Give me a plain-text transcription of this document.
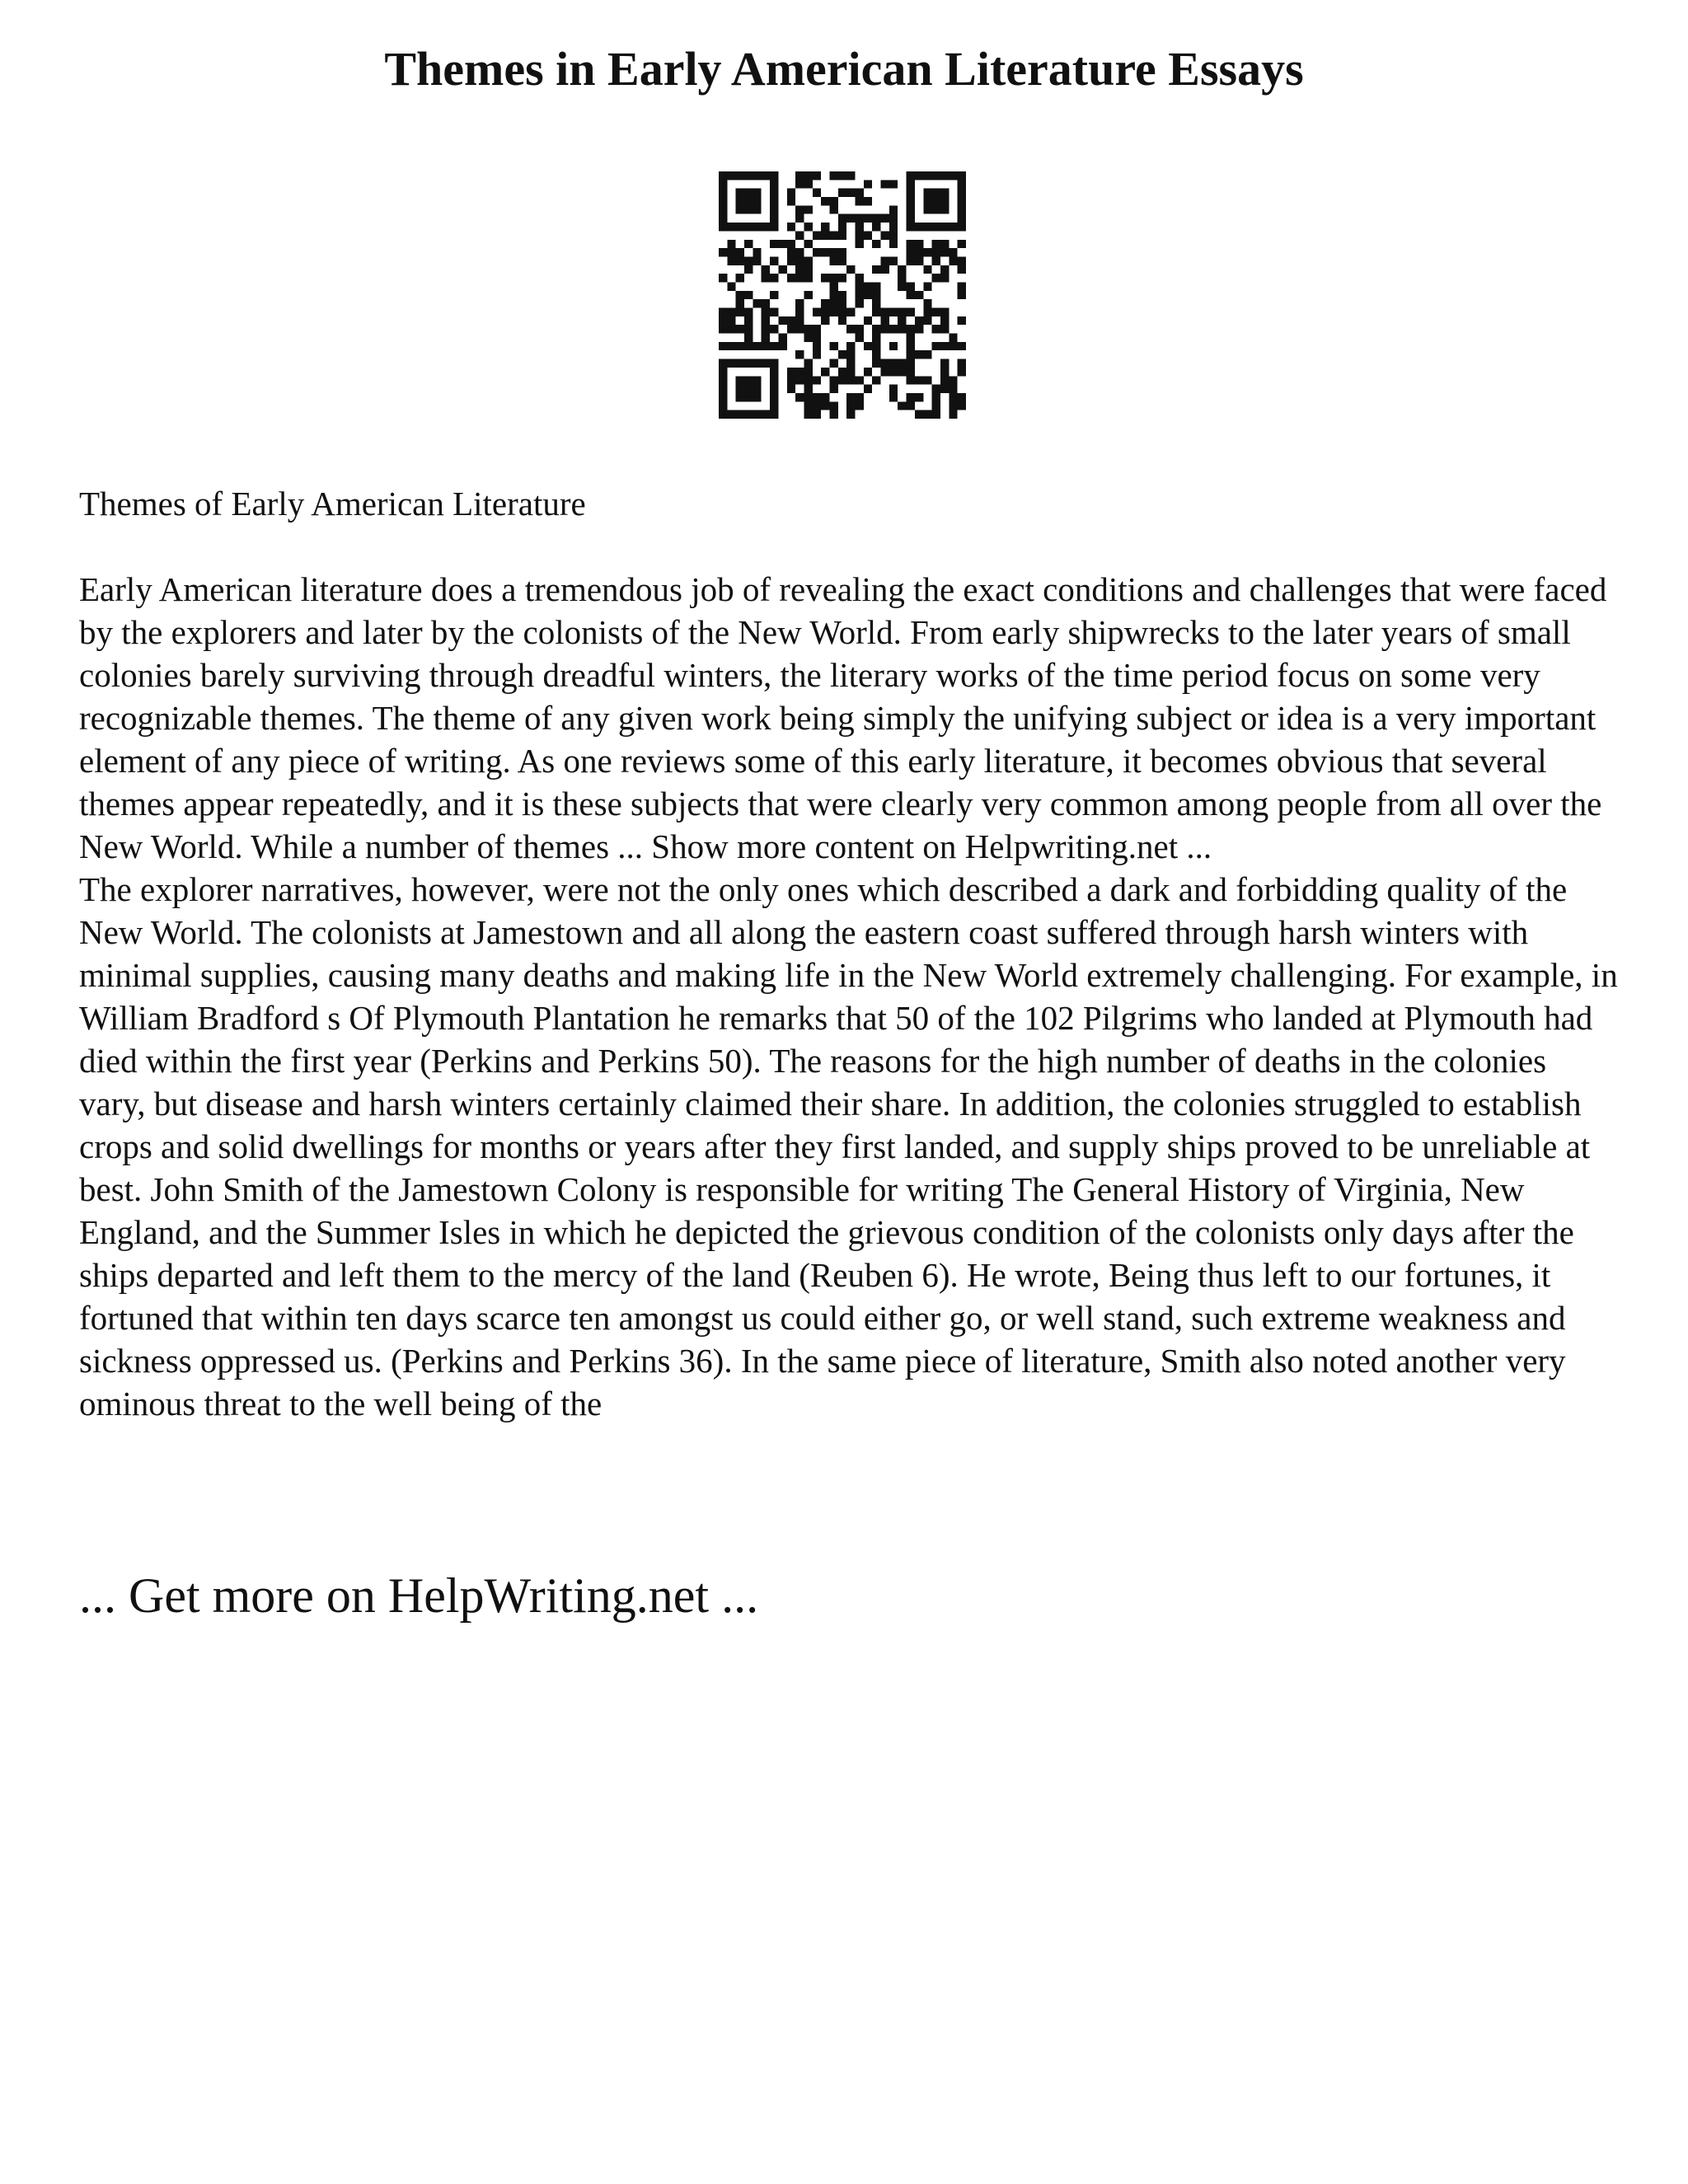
Themes in Early American Literature Essays

Themes of Early American Literature

Early American literature does a tremendous job of revealing the exact conditions and challenges that were faced by the explorers and later by the colonists of the New World. From early shipwrecks to the later years of small colonies barely surviving through dreadful winters, the literary works of the time period focus on some very recognizable themes. The theme of any given work being simply the unifying subject or idea is a very important element of any piece of writing. As one reviews some of this early literature, it becomes obvious that several themes appear repeatedly, and it is these subjects that were clearly very common among people from all over the New World. While a number of themes ... Show more content on Helpwriting.net ...

The explorer narratives, however, were not the only ones which described a dark and forbidding quality of the New World. The colonists at Jamestown and all along the eastern coast suffered through harsh winters with minimal supplies, causing many deaths and making life in the New World extremely challenging. For example, in William Bradford s Of Plymouth Plantation he remarks that 50 of the 102 Pilgrims who landed at Plymouth had died within the first year (Perkins and Perkins 50). The reasons for the high number of deaths in the colonies vary, but disease and harsh winters certainly claimed their share. In addition, the colonies struggled to establish crops and solid dwellings for months or years after they first landed, and supply ships proved to be unreliable at best. John Smith of the Jamestown Colony is responsible for writing The General History of Virginia, New England, and the Summer Isles in which he depicted the grievous condition of the colonists only days after the ships departed and left them to the mercy of the land (Reuben 6). He wrote, Being thus left to our fortunes, it fortuned that within ten days scarce ten amongst us could either go, or well stand, such extreme weakness and sickness oppressed us. (Perkins and Perkins 36). In the same piece of literature, Smith also noted another very ominous threat to the well being of the

... Get more on HelpWriting.net ...
